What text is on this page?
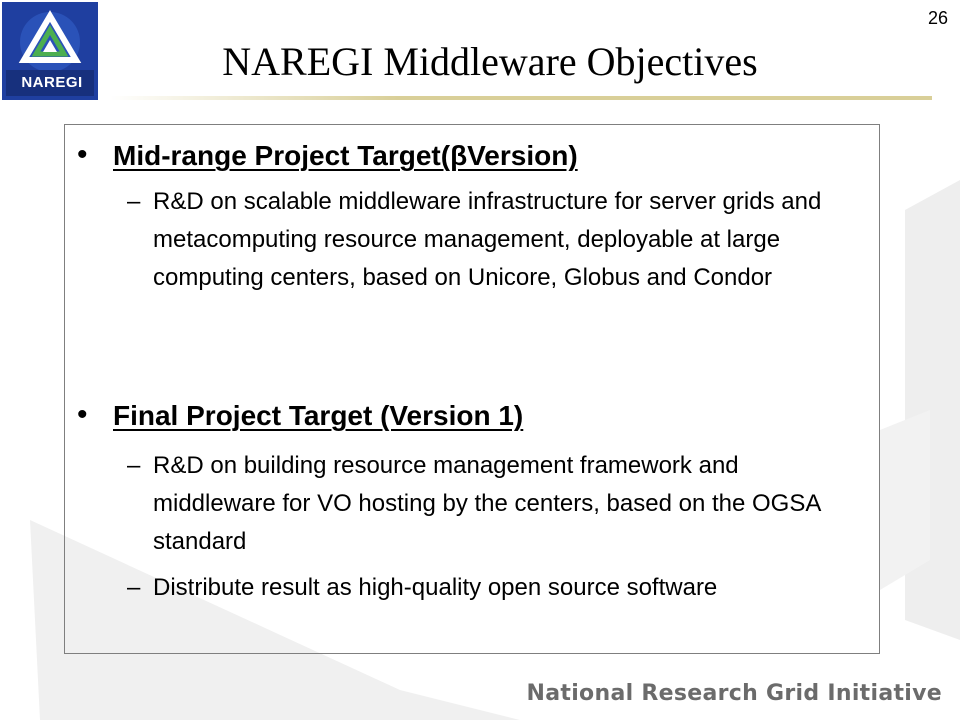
NAREGI
26
NAREGI Middleware Objectives
• Mid-range Project Target(βVersion)
– R&D on scalable middleware infrastructure for server grids and metacomputing resource management, deployable at large computing centers, based on Unicore, Globus and Condor
• Final Project Target (Version 1)
– R&D on building resource management framework and middleware for VO hosting by the centers, based on the OGSA standard
– Distribute result as high-quality open source software
National Research Grid Initiative
